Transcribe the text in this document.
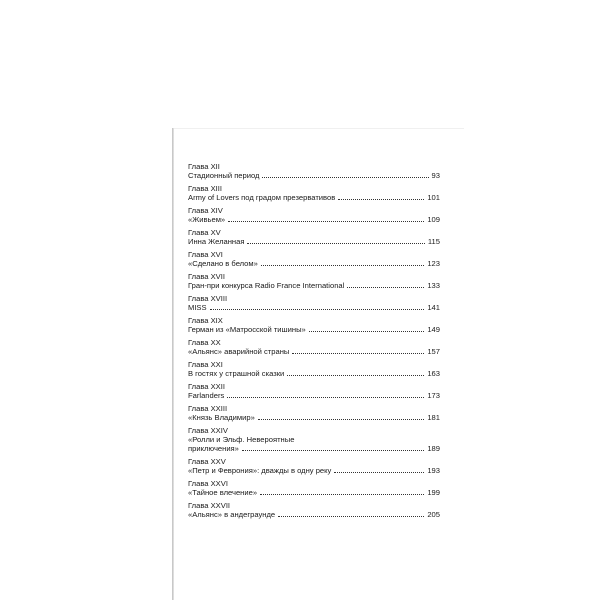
Глава XII
Стадионный период	93
Глава XIII
Army of Lovers под градом презервативов	101
Глава XIV
«Живьем»	109
Глава XV
Инна Желанная	115
Глава XVI
«Сделано в белом»	123
Глава XVII
Гран-при конкурса Radio France International	133
Глава XVIII
MISS	141
Глава XIX
Герман из «Матросской тишины»	149
Глава XX
«Альянс» аварийной страны	157
Глава XXI
В гостях у страшной сказки	163
Глава XXII
Farlanders	173
Глава XXIII
«Князь Владимир»	181
Глава XXIV
«Ролли и Эльф. Невероятные
приключения»	189
Глава XXV
«Петр и Феврония»: дважды в одну реку	193
Глава XXVI
«Тайное влечение»	199
Глава XXVII
«Альянс» в андеграунде	205
